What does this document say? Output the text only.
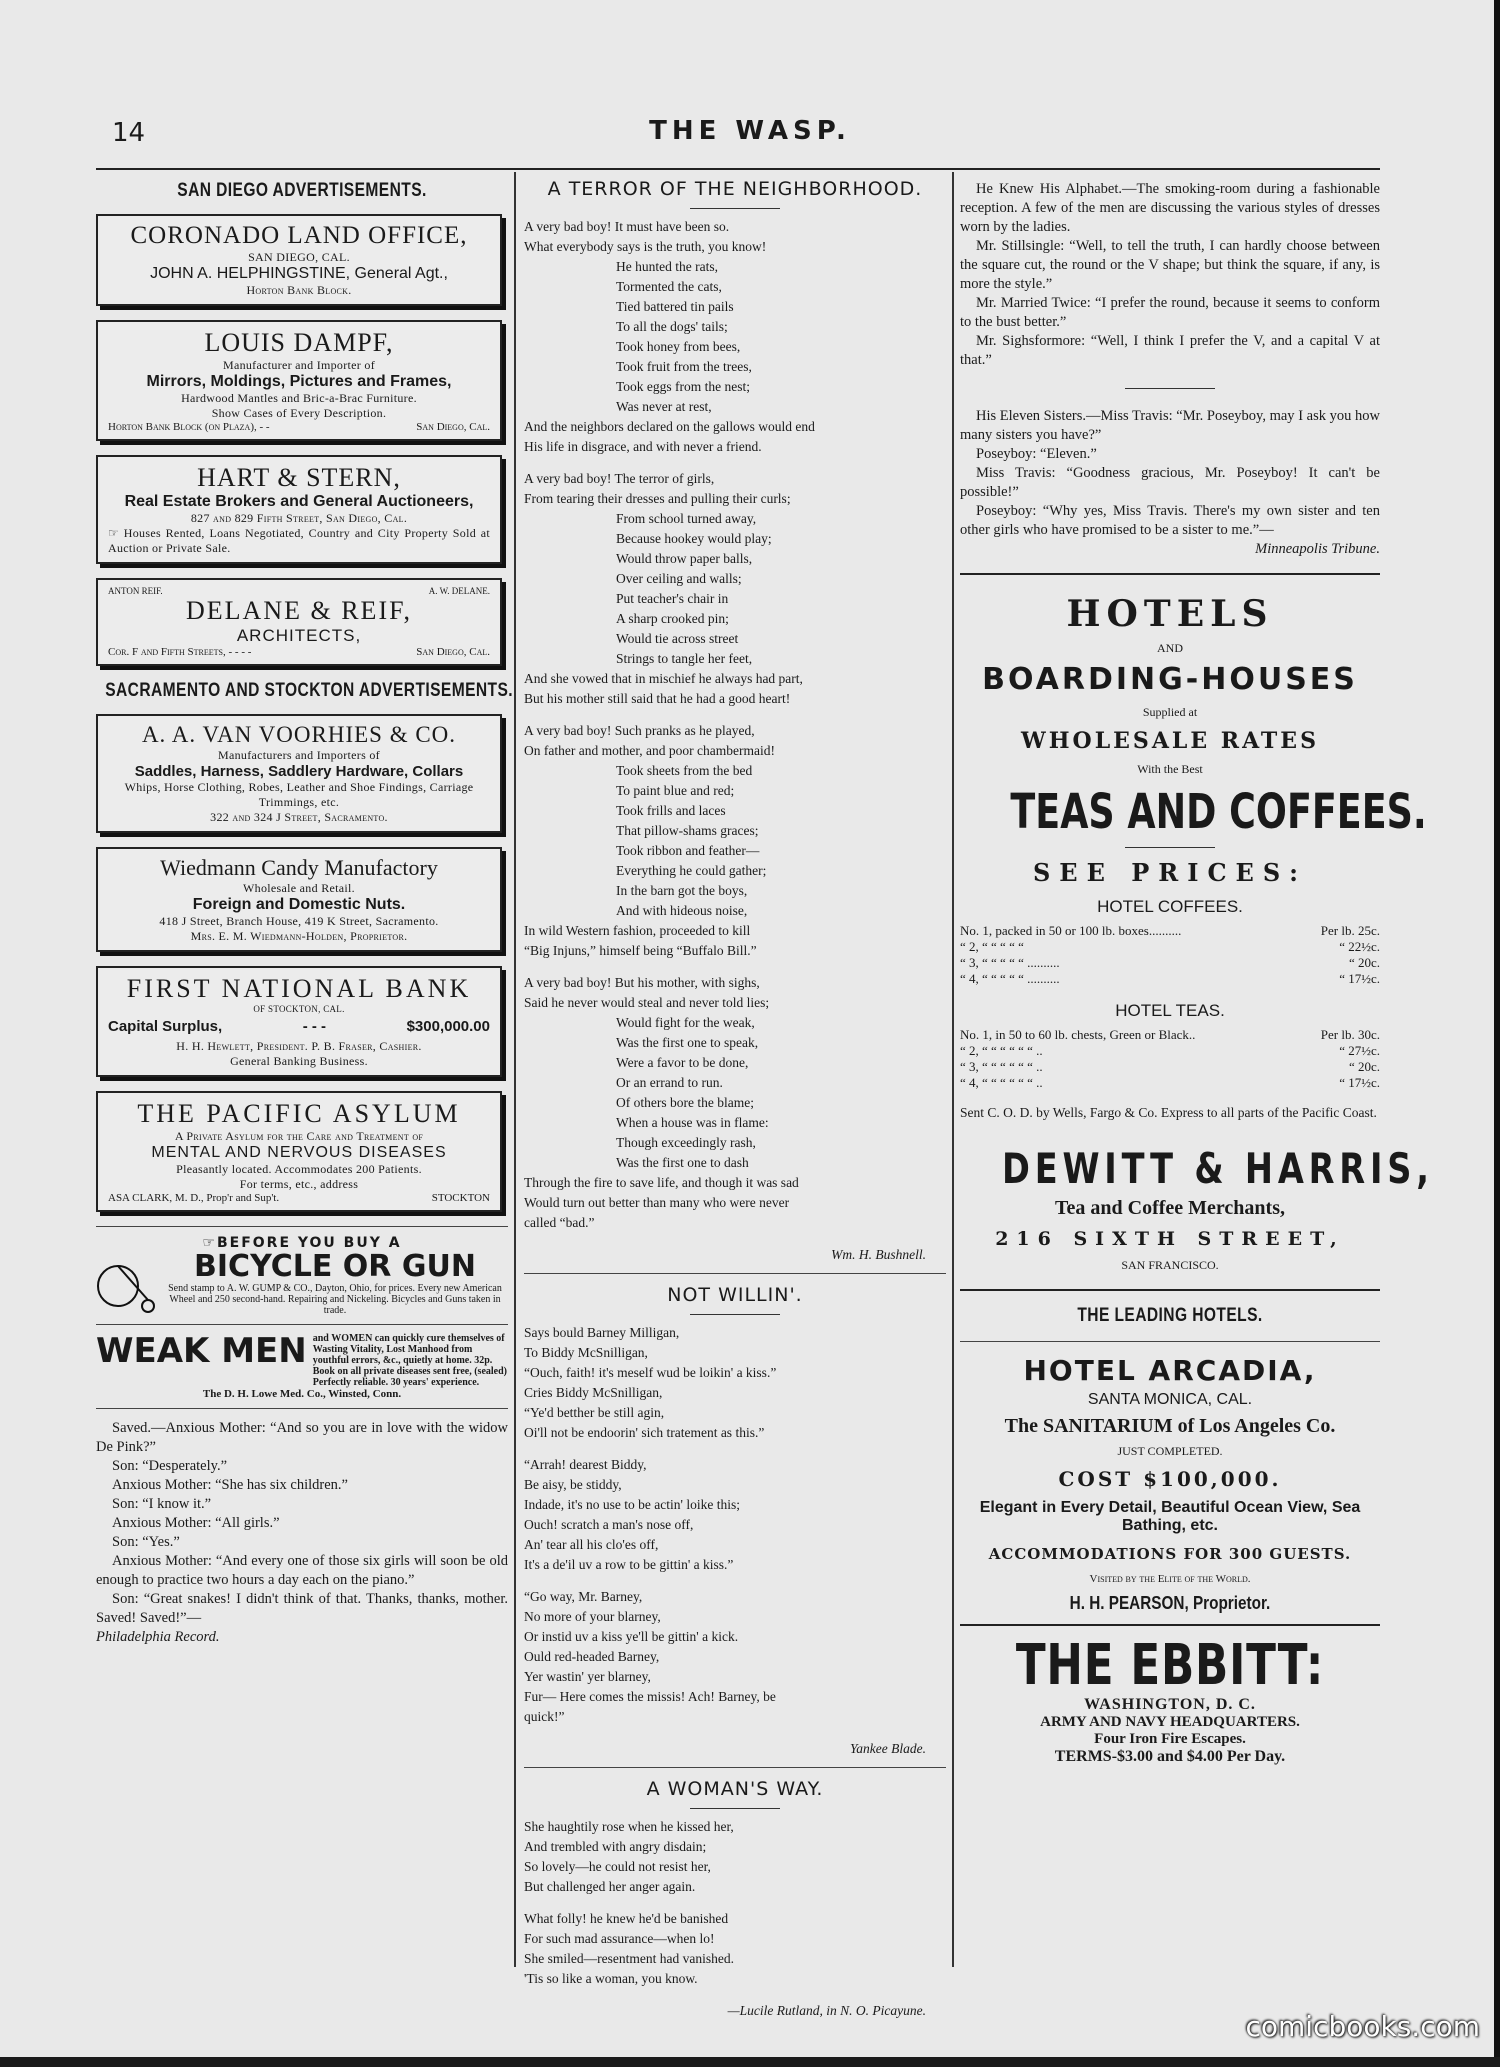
14	THE WASP.
SAN DIEGO ADVERTISEMENTS.
CORONADO LAND OFFICE,
SAN DIEGO, CAL.
JOHN A. HELPHINGSTINE, General Agt.,
Horton Bank Block.
LOUIS DAMPF,
Manufacturer and Importer of
Mirrors, Moldings, Pictures and Frames,
Hardwood Mantles and Bric-a-Brac Furniture.
Show Cases of Every Description.
Horton Bank Block (on Plaza), - -	San Diego, Cal.
HART & STERN,
Real Estate Brokers and General Auctioneers,
827 and 829 Fifth Street, San Diego, Cal.
☞ Houses Rented, Loans Negotiated, Country and City Property Sold at Auction or Private Sale.
ANTON REIF.	A. W. DELANE.
DELANE & REIF,
ARCHITECTS,
Cor. F and Fifth Streets, - - - -	San Diego, Cal.
SACRAMENTO AND STOCKTON ADVERTISEMENTS.
A. A. VAN VOORHIES & CO.
Manufacturers and Importers of
Saddles, Harness, Saddlery Hardware, Collars
Whips, Horse Clothing, Robes, Leather and Shoe Findings, Carriage Trimmings, etc.
322 and 324 J Street, Sacramento.
Wiedmann Candy Manufactory
Wholesale and Retail.
Foreign and Domestic Nuts.
418 J Street, Branch House, 419 K Street, Sacramento.
Mrs. E. M. Wiedmann-Holden, Proprietor.
FIRST NATIONAL BANK
OF STOCKTON, CAL.
Capital Surplus,	- - -	$300,000.00
H. H. Hewlett, President. P. B. Fraser, Cashier.
General Banking Business.
THE PACIFIC ASYLUM
A Private Asylum for the Care and Treatment of
MENTAL AND NERVOUS DISEASES
Pleasantly located. Accommodates 200 Patients.
For terms, etc., address
ASA CLARK, M. D., Prop'r and Sup't.	STOCKTON
☞BEFORE YOU BUY A
BICYCLE OR GUN
Send stamp to A. W. GUMP & CO., Dayton, Ohio, for prices. Every new American Wheel and 250 second-hand. Repairing and Nickeling. Bicycles and Guns taken in trade.
WEAK MEN and WOMEN can quickly cure themselves of Wasting Vitality, Lost Manhood from youthful errors, &c., quietly at home. 32p. Book on all private diseases sent free, (sealed) Perfectly reliable. 30 years' experience.
The D. H. Lowe Med. Co., Winsted, Conn.

Saved.—Anxious Mother: “And so you are in love with the widow De Pink?”

Son: “Desperately.”

Anxious Mother: “She has six children.”

Son: “I know it.”

Anxious Mother: “All girls.”

Son: “Yes.”

Anxious Mother: “And every one of those six girls will soon be old enough to practice two hours a day each on the piano.”

Son: “Great snakes! I didn't think of that. Thanks, thanks, mother. Saved! Saved!”—

Philadelphia Record.

A TERROR OF THE NEIGHBORHOOD.
A very bad boy! It must have been so.
What everybody says is the truth, you know!
He hunted the rats,
Tormented the cats,
Tied battered tin pails
To all the dogs' tails;
Took honey from bees,
Took fruit from the trees,
Took eggs from the nest;
Was never at rest,
And the neighbors declared on the gallows would end
His life in disgrace, and with never a friend.
A very bad boy! The terror of girls,
From tearing their dresses and pulling their curls;
From school turned away,
Because hookey would play;
Would throw paper balls,
Over ceiling and walls;
Put teacher's chair in
A sharp crooked pin;
Would tie across street
Strings to tangle her feet,
And she vowed that in mischief he always had part,
But his mother still said that he had a good heart!
A very bad boy! Such pranks as he played,
On father and mother, and poor chambermaid!
Took sheets from the bed
To paint blue and red;
Took frills and laces
That pillow-shams graces;
Took ribbon and feather—
Everything he could gather;
In the barn got the boys,
And with hideous noise,
In wild Western fashion, proceeded to kill
“Big Injuns,” himself being “Buffalo Bill.”
A very bad boy! But his mother, with sighs,
Said he never would steal and never told lies;
Would fight for the weak,
Was the first one to speak,
Were a favor to be done,
Or an errand to run.
Of others bore the blame;
When a house was in flame:
Though exceedingly rash,
Was the first one to dash
Through the fire to save life, and though it was sad
Would turn out better than many who were never
called “bad.”
Wm. H. Bushnell.
NOT WILLIN'.
Says bould Barney Milligan,
To Biddy McSnilligan,
“Ouch, faith! it's meself wud be loikin' a kiss.”
Cries Biddy McSnilligan,
“Ye'd betther be still agin,
Oi'll not be endoorin' sich tratement as this.”
“Arrah! dearest Biddy,
Be aisy, be stiddy,
Indade, it's no use to be actin' loike this;
Ouch! scratch a man's nose off,
An' tear all his clo'es off,
It's a de'il uv a row to be gittin' a kiss.”
“Go way, Mr. Barney,
No more of your blarney,
Or instid uv a kiss ye'll be gittin' a kick.
Ould red-headed Barney,
Yer wastin' yer blarney,
Fur— Here comes the missis! Ach! Barney, be
quick!”
Yankee Blade.
A WOMAN'S WAY.
She haughtily rose when he kissed her,
And trembled with angry disdain;
So lovely—he could not resist her,
But challenged her anger again.
What folly! he knew he'd be banished
For such mad assurance—when lo!
She smiled—resentment had vanished.
'Tis so like a woman, you know.
—Lucile Rutland, in N. O. Picayune.

He Knew His Alphabet.—The smoking-room during a fashionable reception. A few of the men are discussing the various styles of dresses worn by the ladies.

Mr. Stillsingle: “Well, to tell the truth, I can hardly choose between the square cut, the round or the V shape; but think the square, if any, is more the style.”

Mr. Married Twice: “I prefer the round, because it seems to conform to the bust better.”

Mr. Sighsformore: “Well, I think I prefer the V, and a capital V at that.”

His Eleven Sisters.—Miss Travis: “Mr. Poseyboy, may I ask you how many sisters you have?”

Poseyboy: “Eleven.”

Miss Travis: “Goodness gracious, Mr. Poseyboy! It can't be possible!”

Poseyboy: “Why yes, Miss Travis. There's my own sister and ten other girls who have promised to be a sister to me.”—

Minneapolis Tribune.

HOTELS
AND
BOARDING-HOUSES
Supplied at
WHOLESALE RATES
With the Best
TEAS AND COFFEES.
SEE PRICES:
HOTEL COFFEES.
No. 1, packed in 50 or 100 lb. boxes..........	Per lb. 25c.
“ 2, “ “ “ “ “	“ 22½c.
“ 3, “ “ “ “ “ ..........	“ 20c.
“ 4, “ “ “ “ “ ..........	“ 17½c.
HOTEL TEAS.
No. 1, in 50 to 60 lb. chests, Green or Black..	Per lb. 30c.
“ 2, “ “ “ “ “ “ ..	“ 27½c.
“ 3, “ “ “ “ “ “ ..	“ 20c.
“ 4, “ “ “ “ “ “ ..	“ 17½c.
Sent C. O. D. by Wells, Fargo & Co. Express to all parts of the Pacific Coast.
DEWITT & HARRIS,
Tea and Coffee Merchants,
216 SIXTH STREET,
SAN FRANCISCO.
THE LEADING HOTELS.
HOTEL ARCADIA,
SANTA MONICA, CAL.
The SANITARIUM of Los Angeles Co.
JUST COMPLETED.
COST $100,000.
Elegant in Every Detail, Beautiful Ocean View, Sea Bathing, etc.
ACCOMMODATIONS FOR 300 GUESTS.
Visited by the Elite of the World.
H. H. PEARSON, Proprietor.
THE EBBITT:
WASHINGTON, D. C.
ARMY AND NAVY HEADQUARTERS.
Four Iron Fire Escapes.
TERMS-$3.00 and $4.00 Per Day.
comicbooks.com
